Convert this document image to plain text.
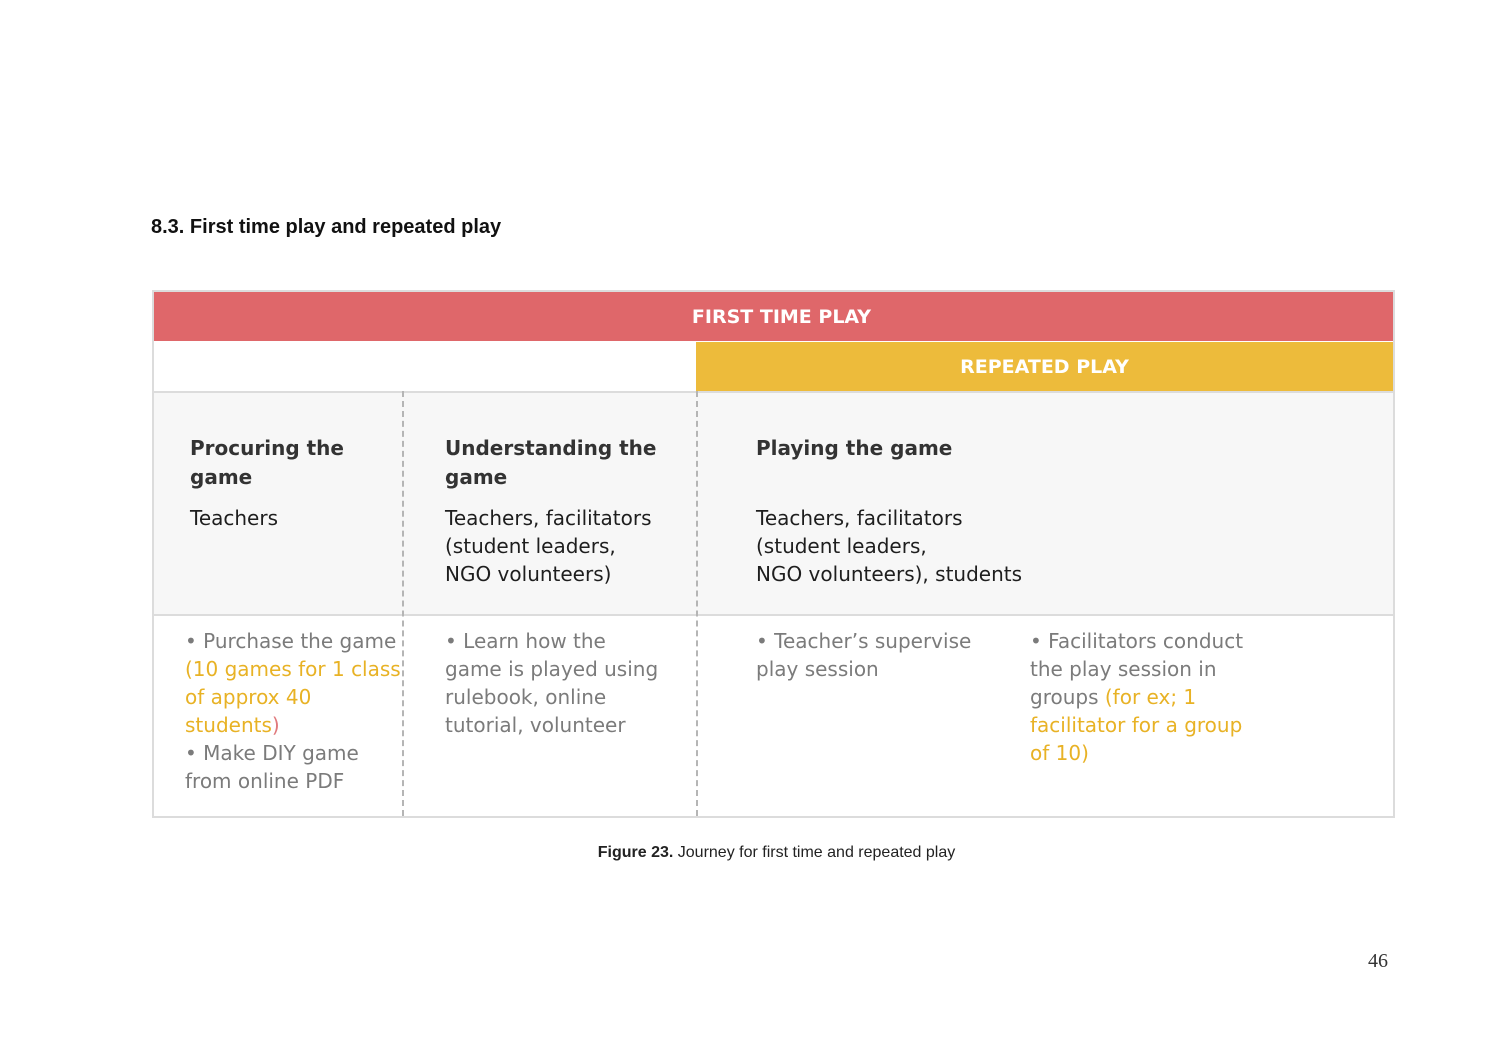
8.3. First time play and repeated play
FIRST TIME PLAY
REPEATED PLAY
Procuring the
game
Teachers
• Purchase the game
(10 games for 1 class
of approx 40
students)
• Make DIY game
from online PDF
Understanding the
game
Teachers, facilitators
(student leaders,
NGO volunteers)
• Learn how the
game is played using
rulebook, online
tutorial, volunteer
Playing the game
Teachers, facilitators
(student leaders,
NGO volunteers), students
• Teacher’s supervise
play session
• Facilitators conduct
the play session in
groups (for ex; 1
facilitator for a group
of 10)
Figure 23. Journey for first time and repeated play
46
